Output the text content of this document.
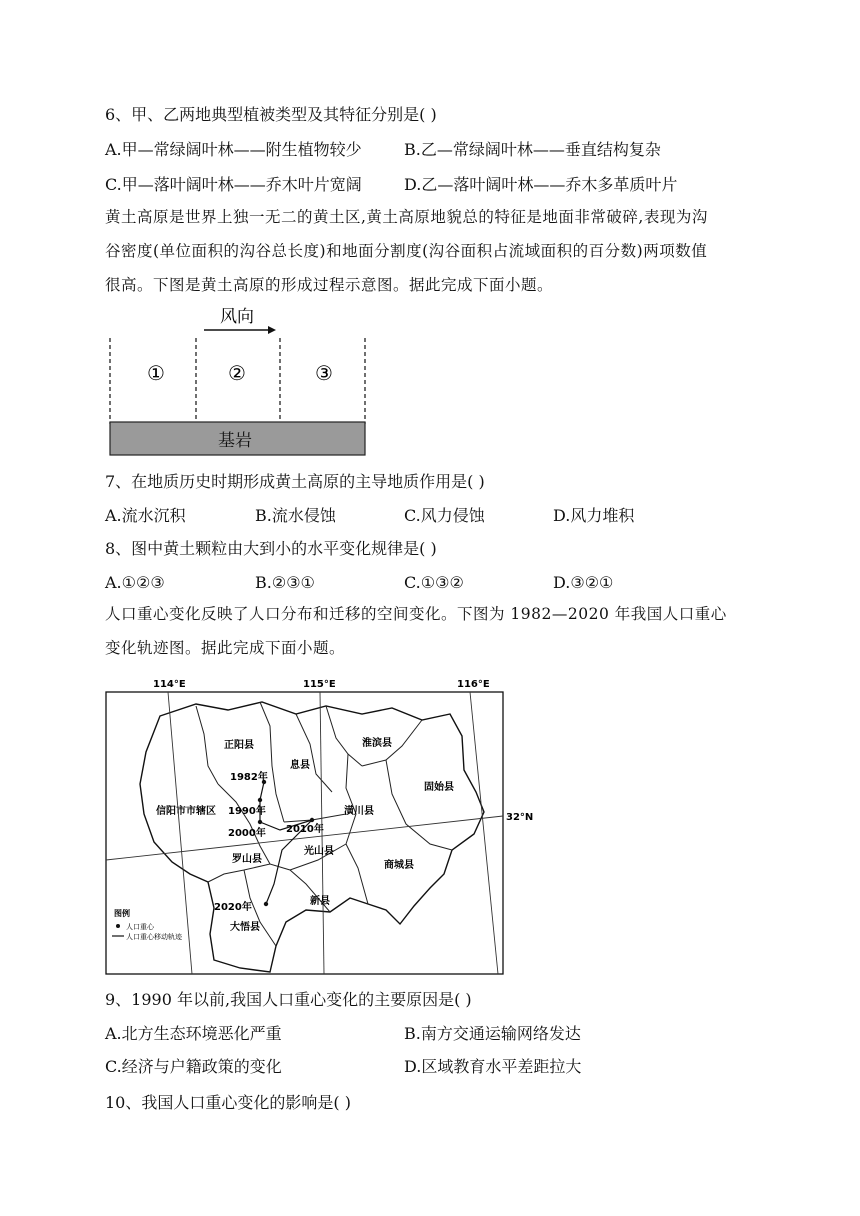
6、甲、乙两地典型植被类型及其特征分别是( )
A.甲—常绿阔叶林——附生植物较少	B.乙—常绿阔叶林——垂直结构复杂
C.甲—落叶阔叶林——乔木叶片宽阔	D.乙—落叶阔叶林——乔木多革质叶片
黄土高原是世界上独一无二的黄土区,黄土高原地貌总的特征是地面非常破碎,表现为沟
谷密度(单位面积的沟谷总长度)和地面分割度(沟谷面积占流域面积的百分数)两项数值
很高。下图是黄土高原的形成过程示意图。据此完成下面小题。
风向
①	②	③
基岩
7、在地质历史时期形成黄土高原的主导地质作用是( )
A.流水沉积	B.流水侵蚀	C.风力侵蚀	D.风力堆积
8、图中黄土颗粒由大到小的水平变化规律是( )
A.①②③	B.②③①	C.①③②	D.③②①
人口重心变化反映了人口分布和迁移的空间变化。下图为 1982—2020 年我国人口重心
变化轨迹图。据此完成下面小题。
114°E	115°E	116°E
32°N
1982年
1990年
2000年 2010年
2020年
正阳县
息县
淮滨县
固始县
信阳市市辖区	潢川县
罗山县
光山县
商城县
新县
大悟县
图例
人口重心
人口重心移动轨迹
9、1990 年以前,我国人口重心变化的主要原因是( )
A.北方生态环境恶化严重	B.南方交通运输网络发达
C.经济与户籍政策的变化	D.区域教育水平差距拉大
10、我国人口重心变化的影响是( )
